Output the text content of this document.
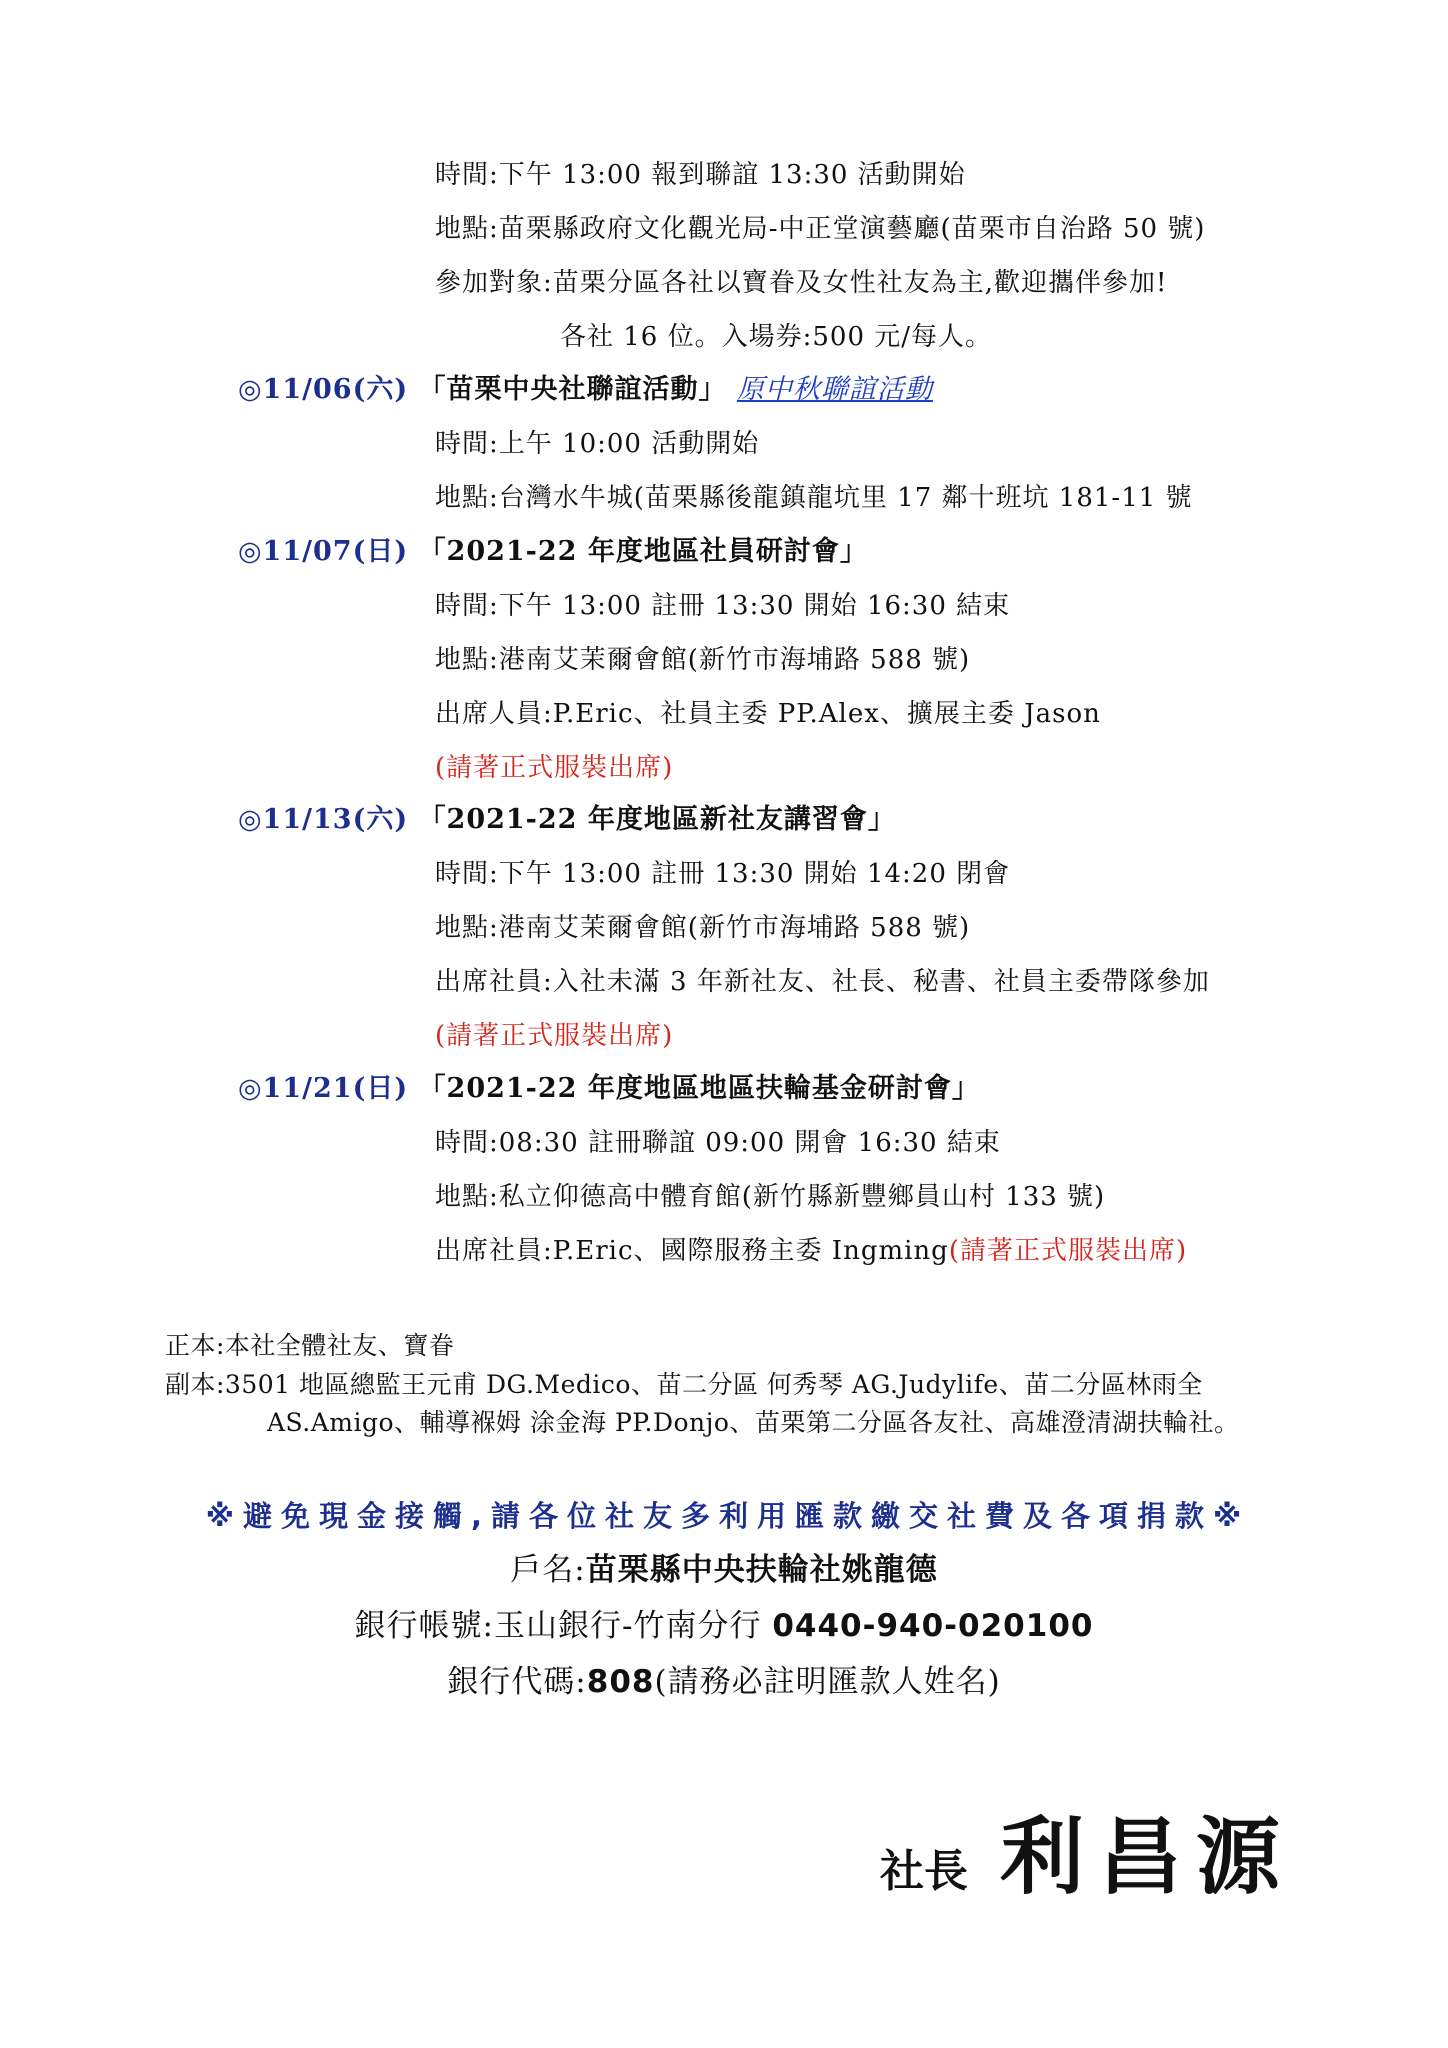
時間:下午 13:00 報到聯誼 13:30 活動開始
地點:苗栗縣政府文化觀光局-中正堂演藝廳(苗栗市自治路 50 號)
參加對象:苗栗分區各社以寶眷及女性社友為主,歡迎攜伴參加!
各社 16 位。入場券:500 元/每人。
◎11/06(六) 「苗栗中央社聯誼活動」 原中秋聯誼活動
時間:上午 10:00 活動開始
地點:台灣水牛城(苗栗縣後龍鎮龍坑里 17 鄰十班坑 181-11 號
◎11/07(日) 「2021-22 年度地區社員研討會」
時間:下午 13:00 註冊 13:30 開始 16:30 結束
地點:港南艾茉爾會館(新竹市海埔路 588 號)
出席人員:P.Eric、社員主委 PP.Alex、擴展主委 Jason
(請著正式服裝出席)
◎11/13(六) 「2021-22 年度地區新社友講習會」
時間:下午 13:00 註冊 13:30 開始 14:20 閉會
地點:港南艾茉爾會館(新竹市海埔路 588 號)
出席社員:入社未滿 3 年新社友、社長、秘書、社員主委帶隊參加
(請著正式服裝出席)
◎11/21(日) 「2021-22 年度地區地區扶輪基金研討會」
時間:08:30 註冊聯誼 09:00 開會 16:30 結束
地點:私立仰德高中體育館(新竹縣新豐鄉員山村 133 號)
出席社員:P.Eric、國際服務主委 Ingming(請著正式服裝出席)
正本:本社全體社友、寶眷
副本:3501 地區總監王元甫 DG.Medico、苗二分區 何秀琴 AG.Judylife、苗二分區林雨全
AS.Amigo、輔導褓姆 涂金海 PP.Donjo、苗栗第二分區各友社、高雄澄清湖扶輪社。
※避免現金接觸,請各位社友多利用匯款繳交社費及各項捐款※
戶名:苗栗縣中央扶輪社姚龍德
銀行帳號:玉山銀行-竹南分行 0440-940-020100
銀行代碼:808(請務必註明匯款人姓名)
社長 利昌源
